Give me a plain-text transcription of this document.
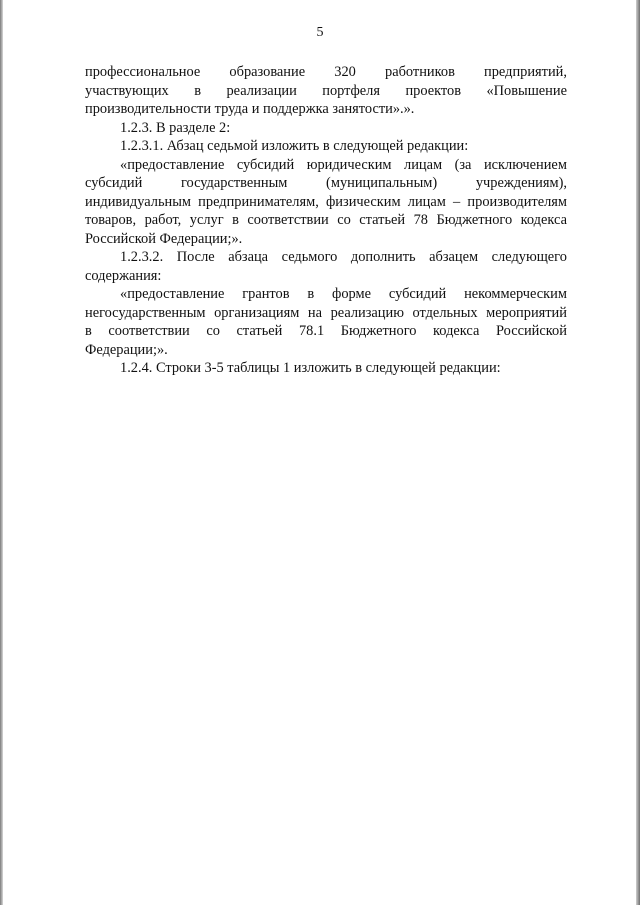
5
профессиональное образование 320 работников предприятий,
участвующих в реализации портфеля проектов «Повышение
производительности труда и поддержка занятости».».
1.2.3. В разделе 2:
1.2.3.1. Абзац седьмой изложить в следующей редакции:
«предоставление субсидий юридическим лицам (за исключением
субсидий	государственным	(муниципальным)	учреждениям),
индивидуальным предпринимателям, физическим лицам – производителям
товаров, работ, услуг в соответствии со статьей 78 Бюджетного кодекса
Российской Федерации;».
1.2.3.2. После абзаца седьмого дополнить абзацем следующего
содержания:
«предоставление грантов в форме субсидий некоммерческим
негосударственным организациям на реализацию отдельных мероприятий
в соответствии со статьей 78.1 Бюджетного кодекса Российской
Федерации;».
1.2.4. Строки 3-5 таблицы 1 изложить в следующей редакции:
